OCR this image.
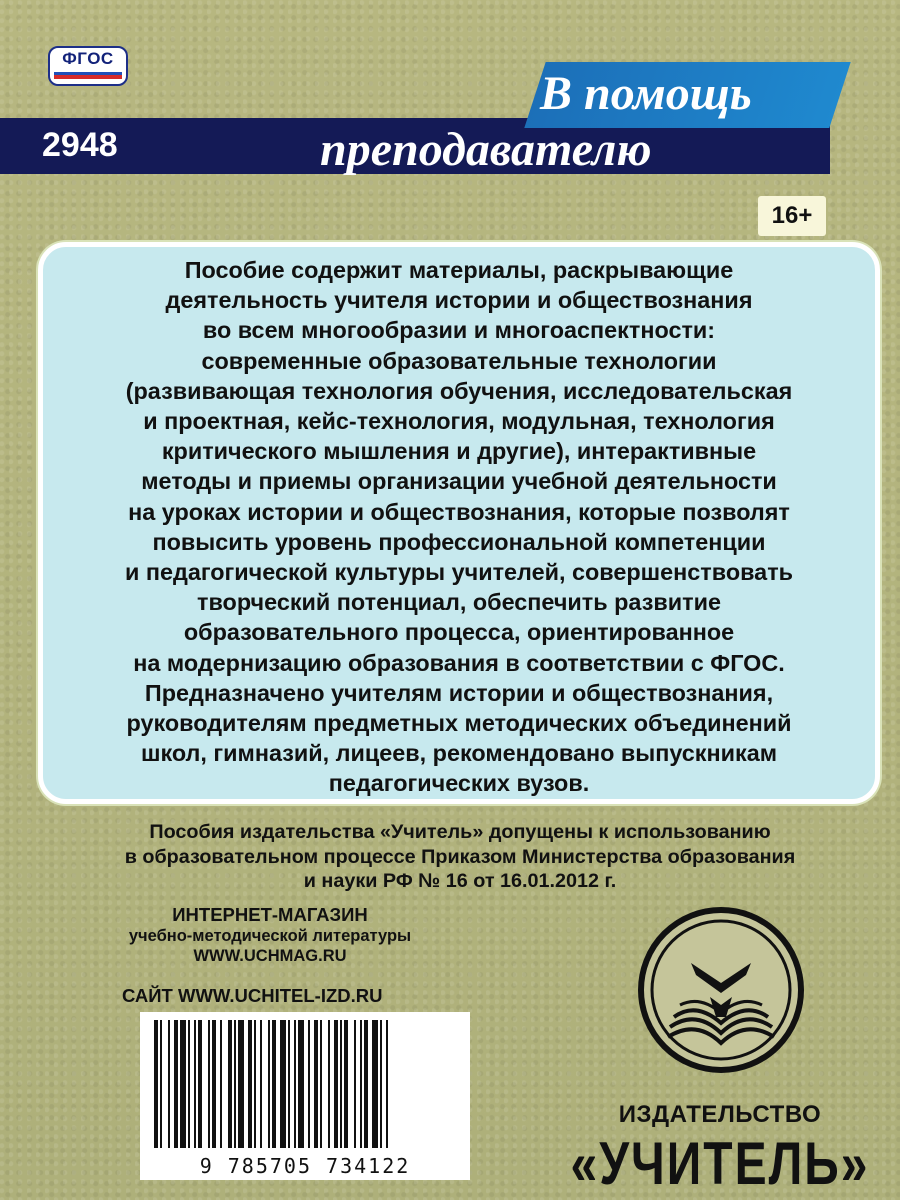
ФГОС
2948
В помощь
преподавателю
16+
Пособие содержит материалы, раскрывающие
деятельность учителя истории и обществознания
во всем многообразии и многоаспектности:
современные образовательные технологии
(развивающая технология обучения, исследовательская
и проектная, кейс-технология, модульная, технология
критического мышления и другие), интерактивные
методы и приемы организации учебной деятельности
на уроках истории и обществознания, которые позволят
повысить уровень профессиональной компетенции
и педагогической культуры учителей, совершенствовать
творческий потенциал, обеспечить развитие
образовательного процесса, ориентированное
на модернизацию образования в соответствии с ФГОС.
Предназначено учителям истории и обществознания,
руководителям предметных методических объединений
школ, гимназий, лицеев, рекомендовано выпускникам
педагогических вузов.
Пособия издательства «Учитель» допущены к использованию
в образовательном процессе Приказом Министерства образования
и науки РФ № 16 от 16.01.2012 г.
ИНТЕРНЕТ-МАГАЗИН
учебно-методической литературы
WWW.UCHMAG.RU
САЙТ WWW.UCHITEL-IZD.RU
9 785705 734122
ИЗДАТЕЛЬСТВО
«УЧИТЕЛЬ»
